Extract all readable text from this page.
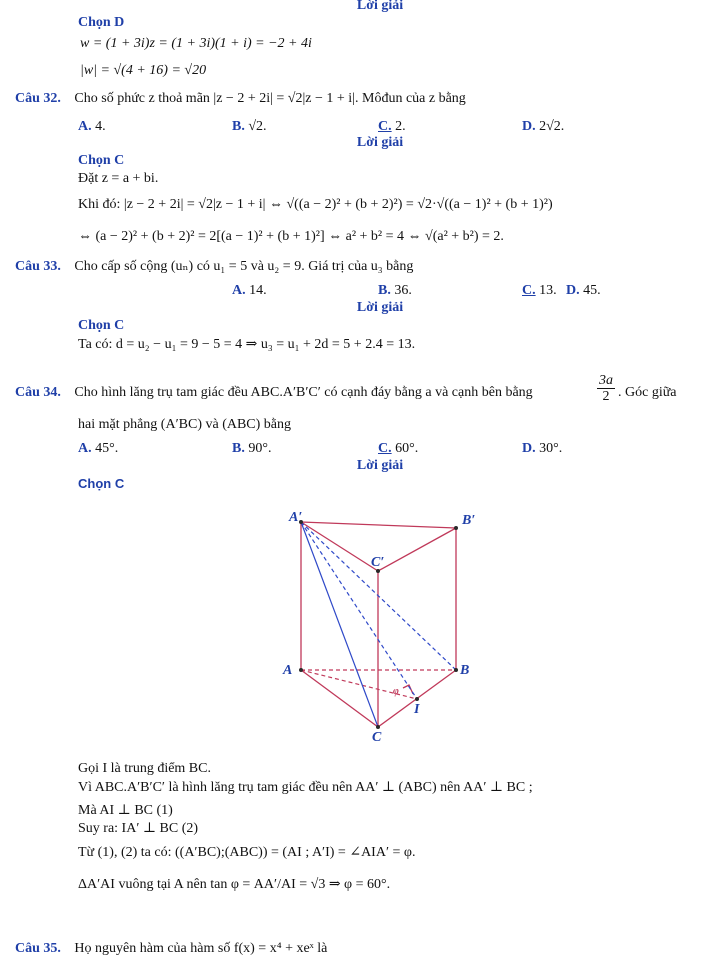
Lời giải
Chọn D
w = (1 + 3i)z = (1 + 3i)(1 + i) = −2 + 4i
|w| = √(4 + 16) = √20
Câu 32. Cho số phức z thoả mãn |z − 2 + 2i| = √2|z − 1 + i|. Môđun của z bằng
A. 4.	B. √2.	C. 2.	D. 2√2.
Lời giải
Chọn C
Đặt z = a + bi.
Khi đó: |z − 2 + 2i| = √2|z − 1 + i| ⇔ √((a − 2)² + (b + 2)²) = √2·√((a − 1)² + (b + 1)²)
⇔ (a − 2)² + (b + 2)² = 2[(a − 1)² + (b + 1)²] ⇔ a² + b² = 4 ⇔ √(a² + b²) = 2.
Câu 33. Cho cấp số cộng (uₙ) có u₁ = 5 và u₂ = 9. Giá trị của u₃ bằng
A. 14.	B. 36.	C. 13. D. 45.
Lời giải
Chọn C
Ta có: d = u₂ − u₁ = 9 − 5 = 4 ⇒ u₃ = u₁ + 2d = 5 + 2.4 = 13.
Câu 34. Cho hình lăng trụ tam giác đều ABC.A′B′C′ có cạnh đáy bằng a và cạnh bên bằng
3a
2 . Góc giữa
hai mặt phẳng (A′BC) và (ABC) bằng
A. 45°.	B. 90°.	C. 60°.	D. 30°.
Lời giải
Chọn C
A′	B′
C′
A	B
C
I
φ
Gọi I là trung điểm BC.
Vì ABC.A′B′C′ là hình lăng trụ tam giác đều nên AA′ ⊥ (ABC) nên AA′ ⊥ BC ;
Mà AI ⊥ BC (1)
Suy ra: IA′ ⊥ BC (2)
Từ (1), (2) ta có: ((A′BC);(ABC)) = (AI ; A′I) = ∠AIA′ = φ.
ΔA′AI vuông tại A nên tan φ = AA′/AI = √3 ⇒ φ = 60°.
Câu 35. Họ nguyên hàm của hàm số f(x) = x⁴ + xeˣ là
